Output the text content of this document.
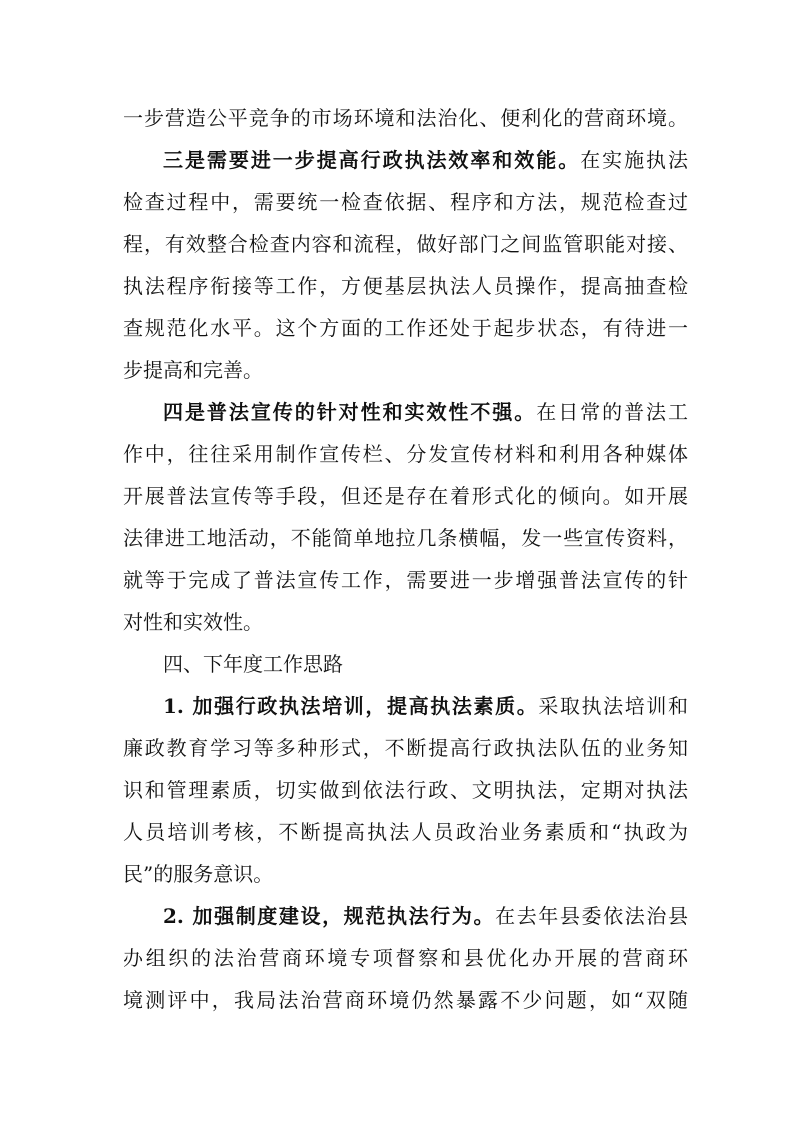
一步营造公平竞争的市场环境和法治化、便利化的营商环境。
三是需要进一步提高行政执法效率和效能。在实施执法
检查过程中，需要统一检查依据、程序和方法，规范检查过
程，有效整合检查内容和流程，做好部门之间监管职能对接、
执法程序衔接等工作，方便基层执法人员操作，提高抽查检
查规范化水平。这个方面的工作还处于起步状态，有待进一
步提高和完善。
四是普法宣传的针对性和实效性不强。在日常的普法工
作中，往往采用制作宣传栏、分发宣传材料和利用各种媒体
开展普法宣传等手段，但还是存在着形式化的倾向。如开展
法律进工地活动，不能简单地拉几条横幅，发一些宣传资料，
就等于完成了普法宣传工作，需要进一步增强普法宣传的针
对性和实效性。
四、下年度工作思路
1. 加强行政执法培训，提高执法素质。采取执法培训和
廉政教育学习等多种形式，不断提高行政执法队伍的业务知
识和管理素质，切实做到依法行政、文明执法，定期对执法
人员培训考核，不断提高执法人员政治业务素质和“执政为
民”的服务意识。
2. 加强制度建设，规范执法行为。在去年县委依法治县
办组织的法治营商环境专项督察和县优化办开展的营商环
境测评中，我局法治营商环境仍然暴露不少问题，如“双随
